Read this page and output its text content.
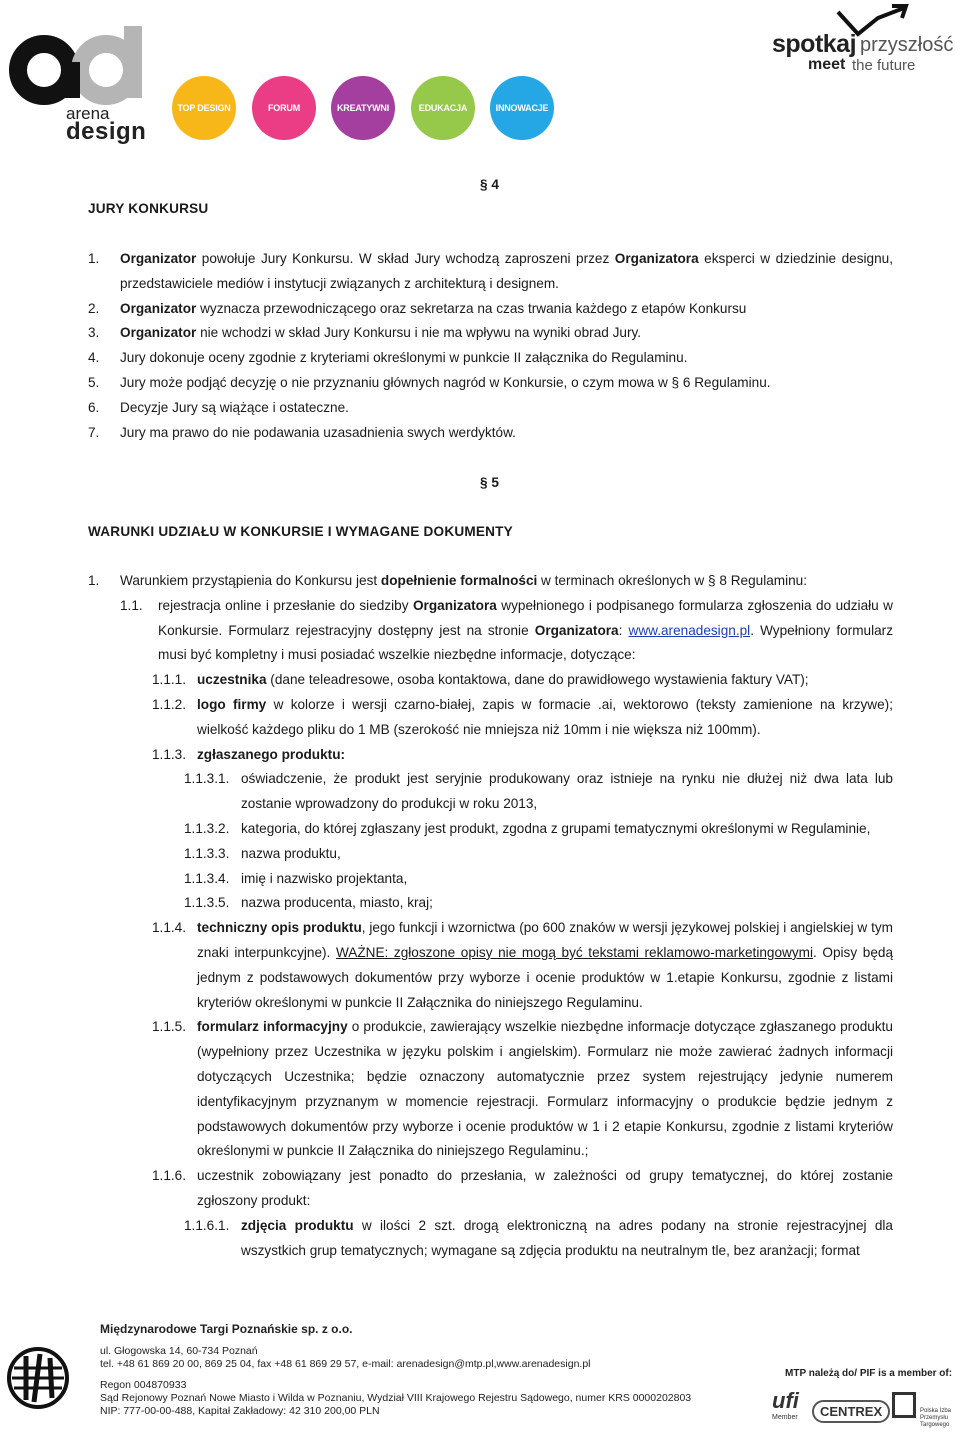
arena
design
TOP DESIGN	FORUM	KREATYWNI	EDUKACJA	INNOWACJE
spotkaj przyszłość
meet the future
§ 4
JURY KONKURSU
1.	Organizator powołuje Jury Konkursu. W skład Jury wchodzą zaproszeni przez Organizatora eksperci w dziedzinie designu, przedstawiciele mediów i instytucji związanych z architekturą i designem.
2.	Organizator wyznacza przewodniczącego oraz sekretarza na czas trwania każdego z etapów Konkursu
3.	Organizator nie wchodzi w skład Jury Konkursu i nie ma wpływu na wyniki obrad Jury.
4.	Jury dokonuje oceny zgodnie z kryteriami określonymi w punkcie II załącznika do Regulaminu.
5.	Jury może podjąć decyzję o nie przyznaniu głównych nagród w Konkursie, o czym mowa w § 6 Regulaminu.
6.	Decyzje Jury są wiążące i ostateczne.
7.	Jury ma prawo do nie podawania uzasadnienia swych werdyktów.
§ 5
WARUNKI UDZIAŁU W KONKURSIE I WYMAGANE DOKUMENTY
1.	Warunkiem przystąpienia do Konkursu jest dopełnienie formalności w terminach określonych w § 8 Regulaminu:
1.1.	rejestracja online i przesłanie do siedziby Organizatora wypełnionego i podpisanego formularza zgłoszenia do udziału w Konkursie. Formularz rejestracyjny dostępny jest na stronie Organizatora: www.arenadesign.pl. Wypełniony formularz musi być kompletny i musi posiadać wszelkie niezbędne informacje, dotyczące:
1.1.1. uczestnika (dane teleadresowe, osoba kontaktowa, dane do prawidłowego wystawienia faktury VAT);
1.1.2. logo firmy w kolorze i wersji czarno-białej, zapis w formacie .ai, wektorowo (teksty zamienione na krzywe); wielkość każdego pliku do 1 MB (szerokość nie mniejsza niż 10mm i nie większa niż 100mm).
1.1.3. zgłaszanego produktu:
1.1.3.1. oświadczenie, że produkt jest seryjnie produkowany oraz istnieje na rynku nie dłużej niż dwa lata lub zostanie wprowadzony do produkcji w roku 2013,
1.1.3.2. kategoria, do której zgłaszany jest produkt, zgodna z grupami tematycznymi określonymi w Regulaminie,
1.1.3.3. nazwa produktu,
1.1.3.4. imię i nazwisko projektanta,
1.1.3.5. nazwa producenta, miasto, kraj;
1.1.4. techniczny opis produktu, jego funkcji i wzornictwa (po 600 znaków w wersji językowej polskiej i angielskiej w tym znaki interpunkcyjne). WAŻNE: zgłoszone opisy nie mogą być tekstami reklamowo-marketingowymi. Opisy będą jednym z podstawowych dokumentów przy wyborze i ocenie produktów w 1.etapie Konkursu, zgodnie z listami kryteriów określonymi w punkcie II Załącznika do niniejszego Regulaminu.
1.1.5. formularz informacyjny o produkcie, zawierający wszelkie niezbędne informacje dotyczące zgłaszanego produktu (wypełniony przez Uczestnika w języku polskim i angielskim). Formularz nie może zawierać żadnych informacji dotyczących Uczestnika; będzie oznaczony automatycznie przez system rejestrujący jedynie numerem identyfikacyjnym przyznanym w momencie rejestracji. Formularz informacyjny o produkcie będzie jednym z podstawowych dokumentów przy wyborze i ocenie produktów w 1 i 2 etapie Konkursu, zgodnie z listami kryteriów określonymi w punkcie II Załącznika do niniejszego Regulaminu.;
1.1.6. uczestnik zobowiązany jest ponadto do przesłania, w zależności od grupy tematycznej, do której zostanie zgłoszony produkt:
1.1.6.1. zdjęcia produktu w ilości 2 szt. drogą elektroniczną na adres podany na stronie rejestracyjnej dla wszystkich grup tematycznych; wymagane są zdjęcia produktu na neutralnym tle, bez aranżacji; format
Międzynarodowe Targi Poznańskie sp. z o.o.
ul. Głogowska 14, 60-734 Poznań
tel. +48 61 869 20 00, 869 25 04, fax +48 61 869 29 57, e-mail: arenadesign@mtp.pl,www.arenadesign.pl
Regon 004870933
Sąd Rejonowy Poznań Nowe Miasto i Wilda w Poznaniu, Wydział VIII Krajowego Rejestru Sądowego, numer KRS 0000202803
NIP: 777-00-00-488, Kapitał Zakładowy: 42 310 200,00 PLN
MTP należą do/ PIF is a member of:
ufi
Member	CENTREX	Polska Izba Przemysłu Targowego
